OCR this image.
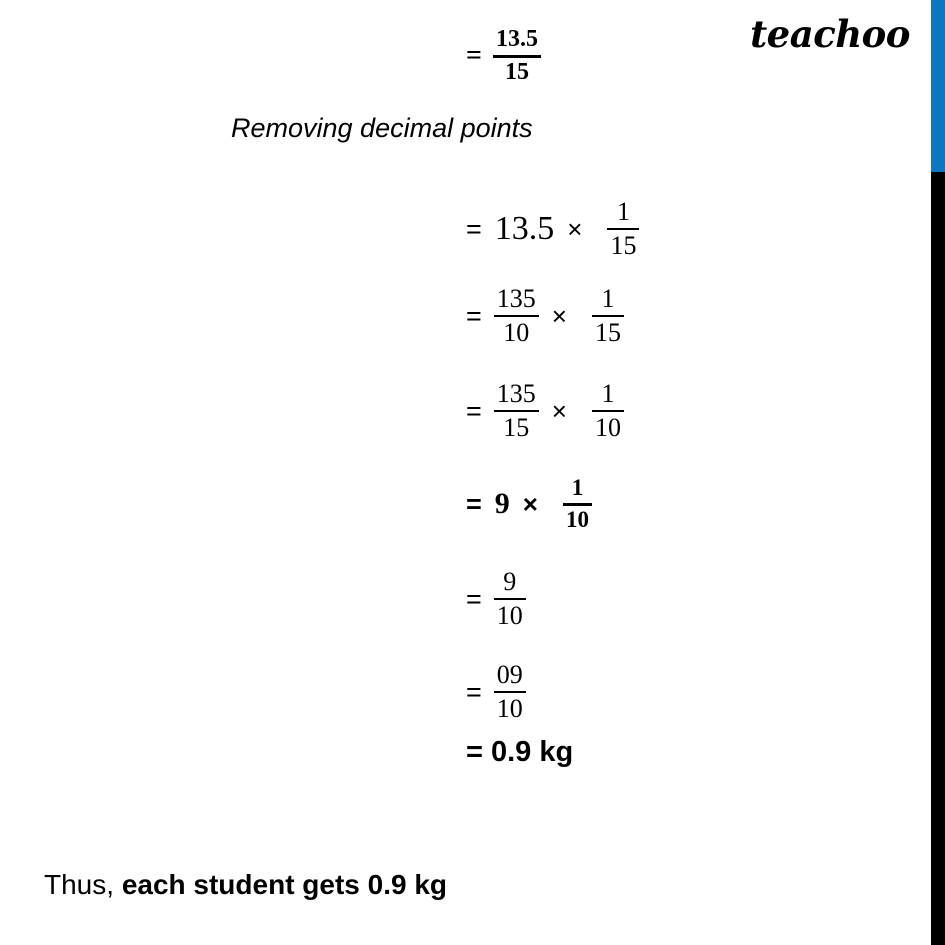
teachoo
= $\frac{13.5}{15}$
Removing decimal points
= $13.5 \times \frac{1}{15}$
= $\frac{135}{10} \times \frac{1}{15}$
= $\frac{135}{15} \times \frac{1}{10}$
= $9 \times \frac{1}{10}$
= $\frac{9}{10}$
= $\frac{09}{10}$
= 0.9 kg
Thus, each student gets 0.9 kg
